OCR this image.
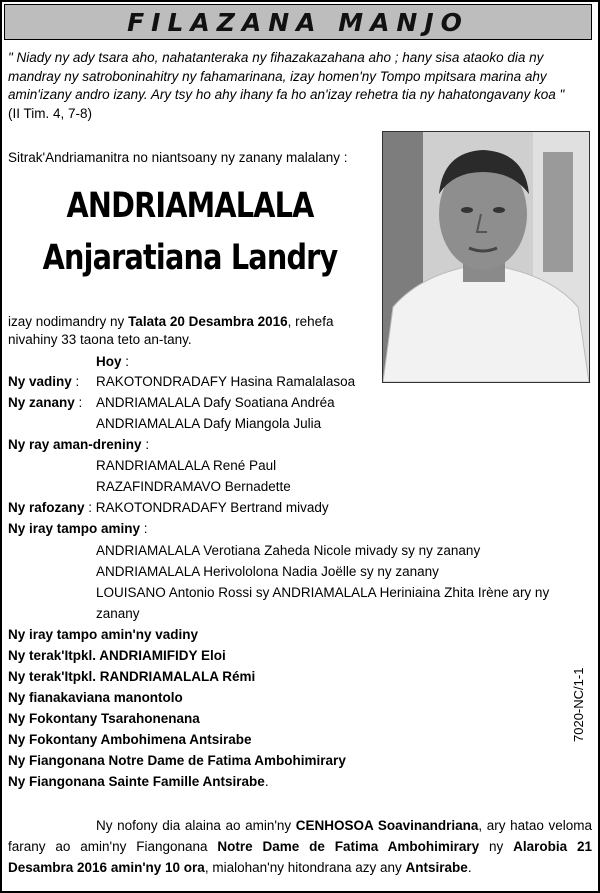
FILAZANA MANJO
" Niady ny ady tsara aho, nahatanteraka ny fihazakazahana aho ; hany sisa ataoko dia ny mandray ny satroboninahitry ny fahamarinana, izay homen'ny Tompo mpitsara marina ahy amin'izany andro izany. Ary tsy ho ahy ihany fa ho an'izay rehetra tia ny hahatongavany koa "
(II Tim. 4, 7-8)
Sitrak'Andriamanitra no niantsoany ny zanany malalany :
ANDRIAMALALA
Anjaratiana Landry
izay nodimandry ny Talata 20 Desambra 2016, rehefa
nivahiny 33 taona teto an-tany.
Hoy :
Ny vadiny : RAKOTONDRADAFY Hasina Ramalalasoa
Ny zanany : ANDRIAMALALA Dafy Soatiana Andréa
ANDRIAMALALA Dafy Miangola Julia
Ny ray aman-dreniny :
RANDRIAMALALA René Paul
RAZAFINDRAMAVO Bernadette
Ny rafozany : RAKOTONDRADAFY Bertrand mivady
Ny iray tampo aminy :
ANDRIAMALALA Verotiana Zaheda Nicole mivady sy ny zanany
ANDRIAMALALA Herivololona Nadia Joëlle sy ny zanany
LOUISANO Antonio Rossi sy ANDRIAMALALA Heriniaina Zhita Irène ary ny
zanany
Ny iray tampo amin'ny vadiny
Ny terak'Itpkl. ANDRIAMIFIDY Eloi
Ny terak'Itpkl. RANDRIAMALALA Rémi
Ny fianakaviana manontolo
Ny Fokontany Tsarahonenana
Ny Fokontany Ambohimena Antsirabe
Ny Fiangonana Notre Dame de Fatima Ambohimirary
Ny Fiangonana Sainte Famille Antsirabe.
7020-NC/1-1
Ny nofony dia alaina ao amin'ny CENHOSOA Soavinandriana, ary hatao veloma farany ao amin'ny Fiangonana Notre Dame de Fatima Ambohimirary ny Alarobia 21 Desambra 2016 amin'ny 10 ora, mialohan'ny hitondrana azy any Antsirabe.
